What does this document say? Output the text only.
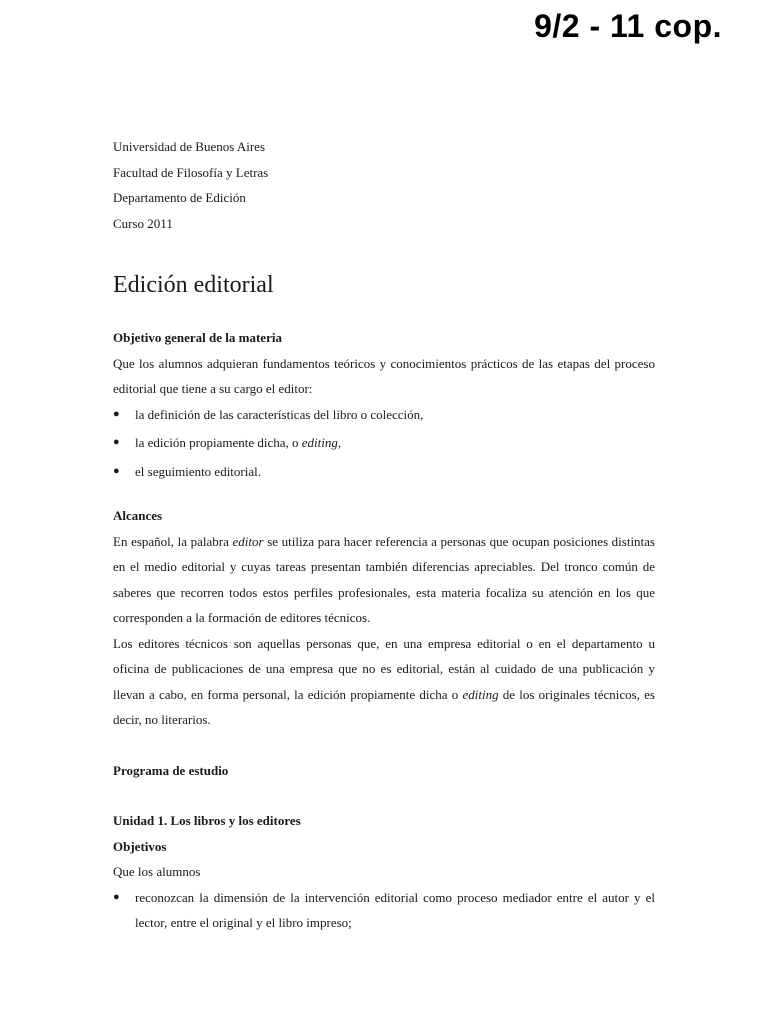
9/2 - 11 cop.

Universidad de Buenos Aires

Facultad de Filosofía y Letras

Departamento de Edición

Curso 2011

Edición editorial

Objetivo general de la materia

Que los alumnos adquieran fundamentos teóricos y conocimientos prácticos de las etapas del proceso editorial que tiene a su cargo el editor:

● la definición de las características del libro o colección,
● la edición propiamente dicha, o editing,
● el seguimiento editorial.

Alcances

En español, la palabra editor se utiliza para hacer referencia a personas que ocupan posiciones distintas en el medio editorial y cuyas tareas presentan también diferencias apreciables. Del tronco común de saberes que recorren todos estos perfiles profesionales, esta materia focaliza su atención en los que corresponden a la formación de editores técnicos.

Los editores técnicos son aquellas personas que, en una empresa editorial o en el departamento u oficina de publicaciones de una empresa que no es editorial, están al cuidado de una publicación y llevan a cabo, en forma personal, la edición propiamente dicha o editing de los originales técnicos, es decir, no literarios.

Programa de estudio

Unidad 1. Los libros y los editores

Objetivos

Que los alumnos

● reconozcan la dimensión de la intervención editorial como proceso mediador entre el autor y el lector, entre el original y el libro impreso;
